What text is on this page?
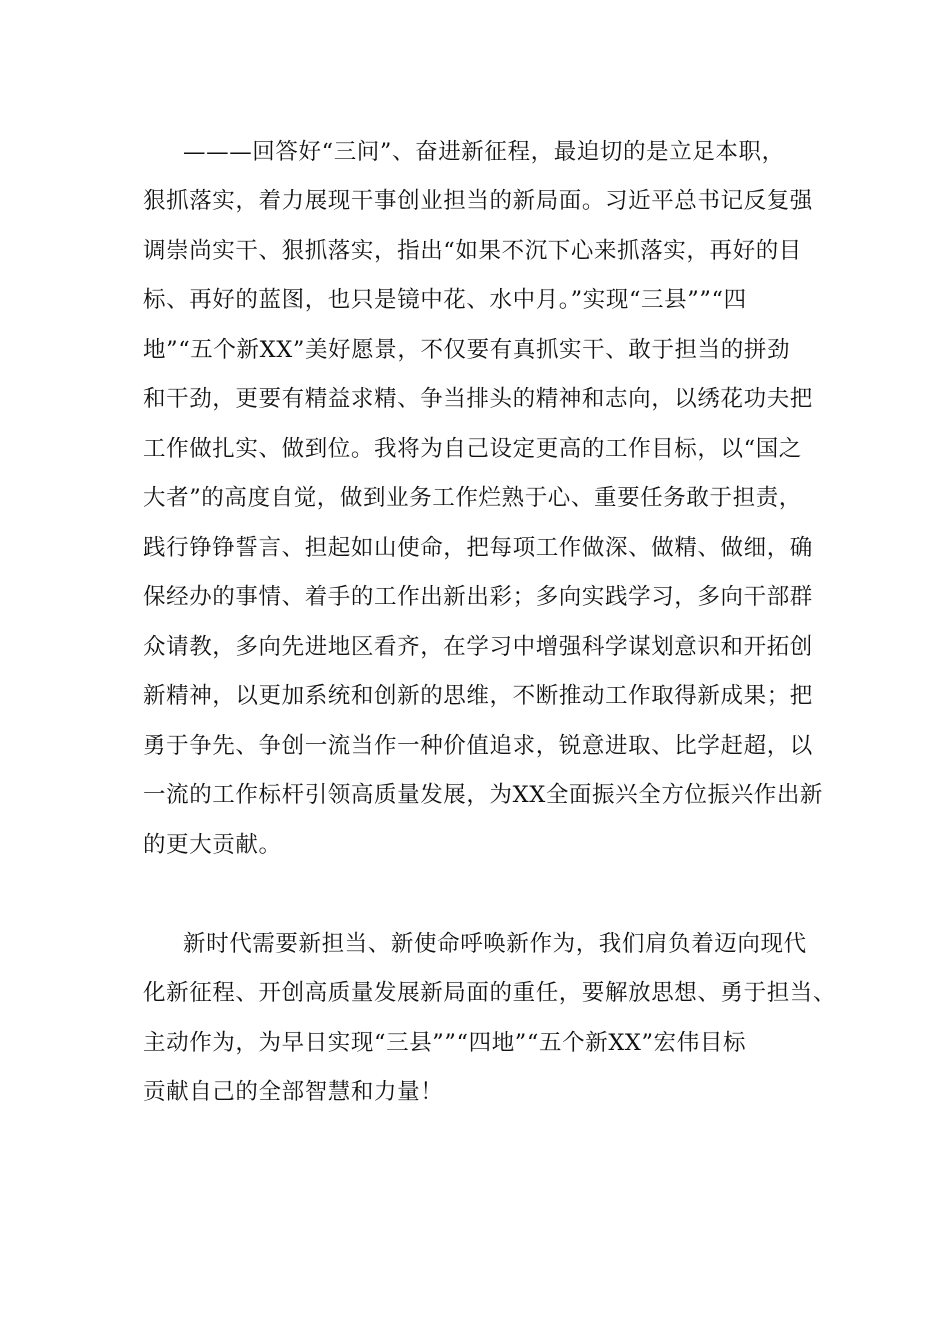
———回答好“三问”、奋进新征程，最迫切的是立足本职，
狠抓落实，着力展现干事创业担当的新局面。习近平总书记反复强
调崇尚实干、狠抓落实，指出“如果不沉下心来抓落实，再好的目
标、再好的蓝图，也只是镜中花、水中月。”实现“三县””“四
地”“五个新XX”美好愿景，不仅要有真抓实干、敢于担当的拼劲
和干劲，更要有精益求精、争当排头的精神和志向，以绣花功夫把
工作做扎实、做到位。我将为自己设定更高的工作目标，以“国之
大者”的高度自觉，做到业务工作烂熟于心、重要任务敢于担责，
践行铮铮誓言、担起如山使命，把每项工作做深、做精、做细，确
保经办的事情、着手的工作出新出彩；多向实践学习，多向干部群
众请教，多向先进地区看齐，在学习中增强科学谋划意识和开拓创
新精神，以更加系统和创新的思维，不断推动工作取得新成果；把
勇于争先、争创一流当作一种价值追求，锐意进取、比学赶超，以
一流的工作标杆引领高质量发展，为XX全面振兴全方位振兴作出新
的更大贡献。
新时代需要新担当、新使命呼唤新作为，我们肩负着迈向现代
化新征程、开创高质量发展新局面的重任，要解放思想、勇于担当、
主动作为，为早日实现“三县””“四地”“五个新XX”宏伟目标
贡献自己的全部智慧和力量！
